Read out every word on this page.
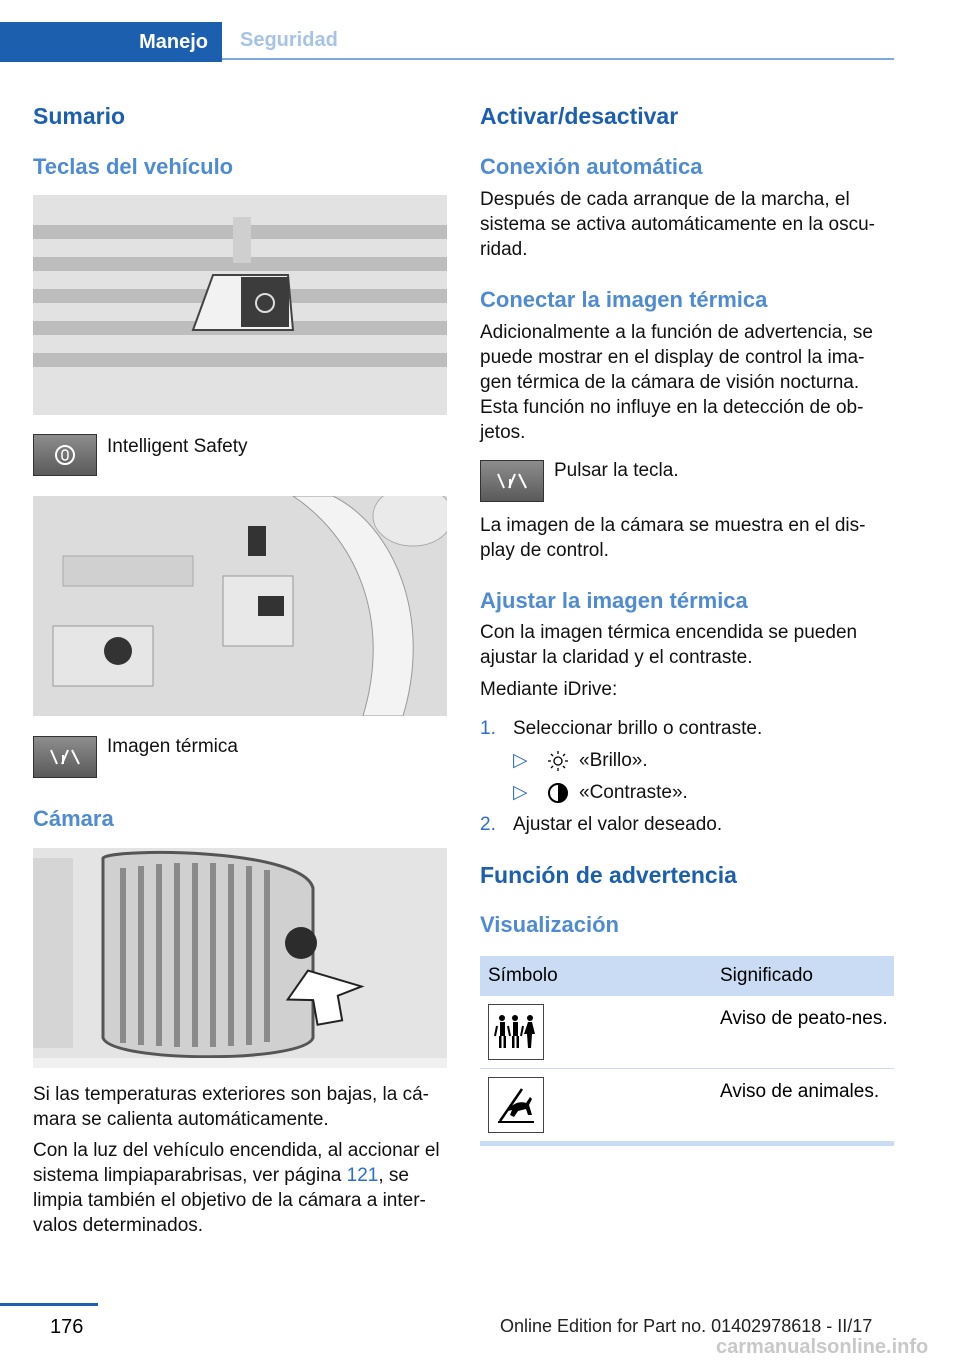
Manejo	Seguridad
Sumario
Teclas del vehículo
Intelligent Safety
Imagen térmica
Cámara
Si las temperaturas exteriores son bajas, la cá-mara se calienta automáticamente.
Con la luz del vehículo encendida, al accionar el sistema limpiaparabrisas, ver página 121, se limpia también el objetivo de la cámara a inter-valos determinados.
Activar/desactivar
Conexión automática
Después de cada arranque de la marcha, el sistema se activa automáticamente en la oscu-ridad.
Conectar la imagen térmica
Adicionalmente a la función de advertencia, se puede mostrar en el display de control la ima-gen térmica de la cámara de visión nocturna. Esta función no influye en la detección de ob-jetos.
Pulsar la tecla.
La imagen de la cámara se muestra en el dis-play de control.
Ajustar la imagen térmica
Con la imagen térmica encendida se pueden ajustar la claridad y el contraste.
Mediante iDrive:
1. Seleccionar brillo o contraste.
▷	«Brillo».
▷	«Contraste».
2. Ajustar el valor deseado.
Función de advertencia
Visualización
Símbolo	Significado
Aviso de peato-nes.
Aviso de animales.
176	Online Edition for Part no. 01402978618 - II/17
carmanualsonline.info
